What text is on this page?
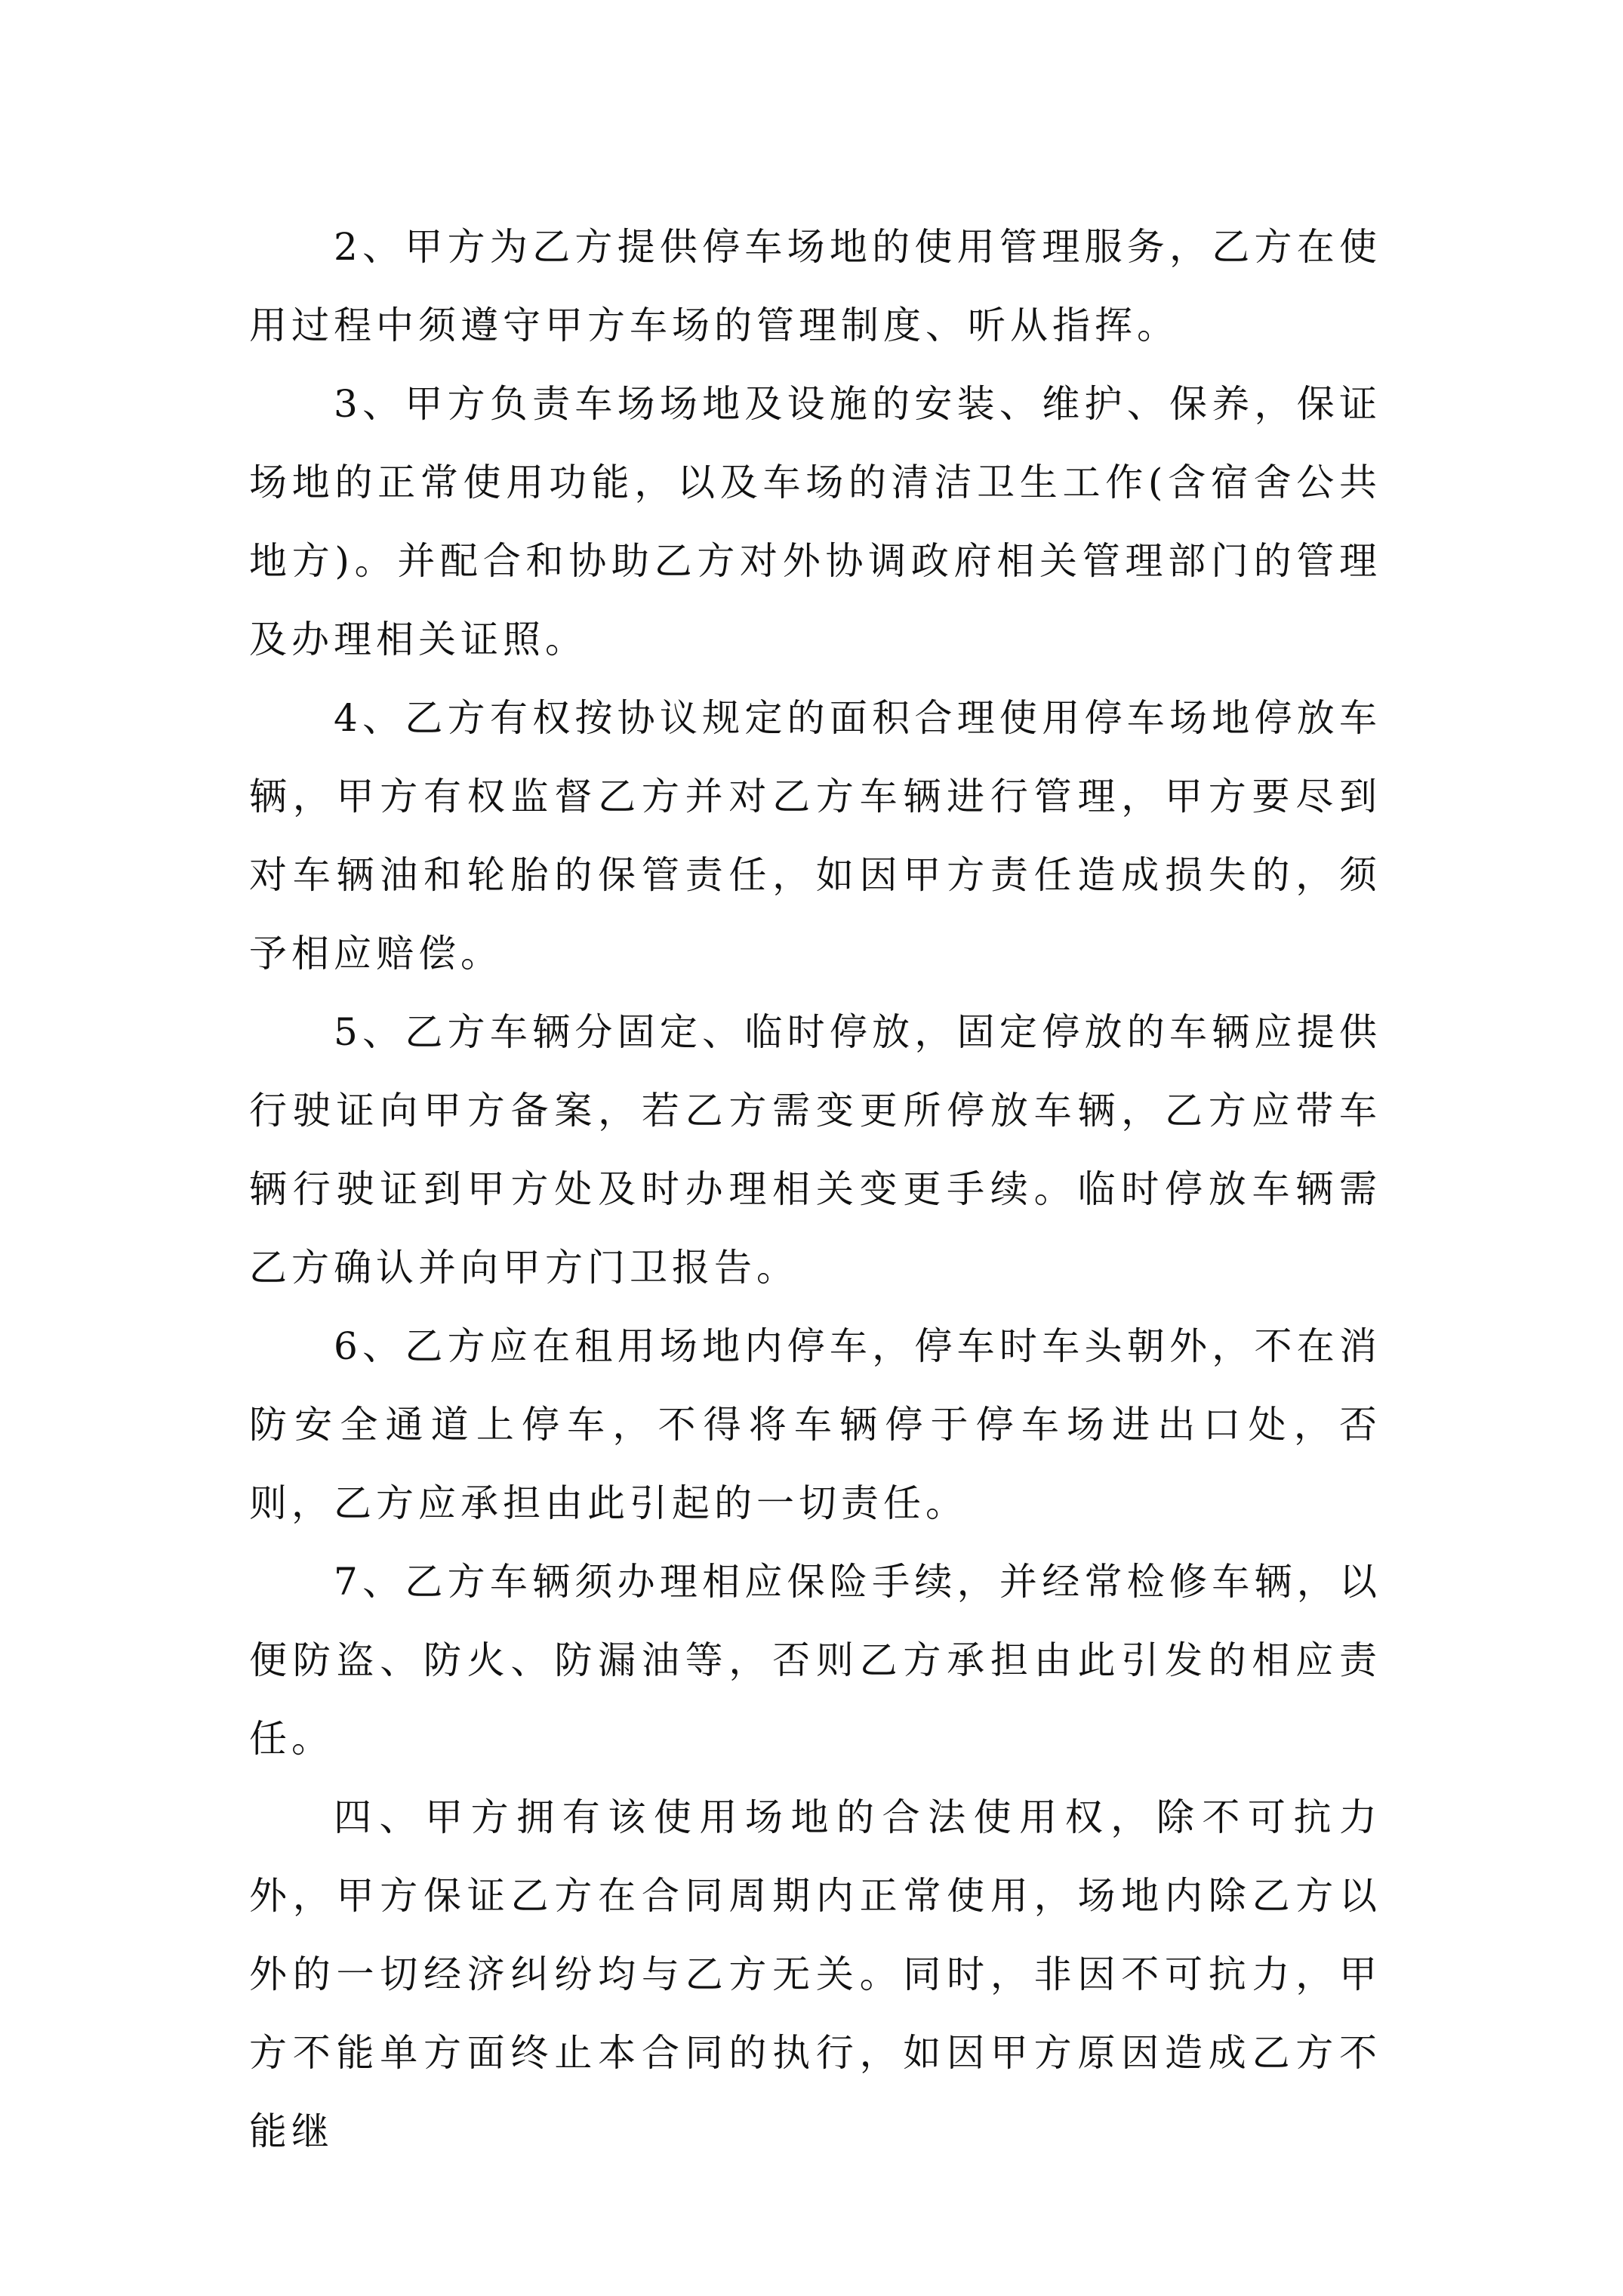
2、甲方为乙方提供停车场地的使用管理服务，乙方在使用过程中须遵守甲方车场的管理制度、听从指挥。

3、甲方负责车场场地及设施的安装、维护、保养，保证场地的正常使用功能，以及车场的清洁卫生工作(含宿舍公共地方)。并配合和协助乙方对外协调政府相关管理部门的管理及办理相关证照。

4、乙方有权按协议规定的面积合理使用停车场地停放车辆，甲方有权监督乙方并对乙方车辆进行管理，甲方要尽到对车辆油和轮胎的保管责任，如因甲方责任造成损失的，须予相应赔偿。

5、乙方车辆分固定、临时停放，固定停放的车辆应提供行驶证向甲方备案，若乙方需变更所停放车辆，乙方应带车辆行驶证到甲方处及时办理相关变更手续。临时停放车辆需乙方确认并向甲方门卫报告。

6、乙方应在租用场地内停车，停车时车头朝外，不在消防安全通道上停车，不得将车辆停于停车场进出口处，否则，乙方应承担由此引起的一切责任。

7、乙方车辆须办理相应保险手续，并经常检修车辆，以便防盗、防火、防漏油等，否则乙方承担由此引发的相应责任。

四、甲方拥有该使用场地的合法使用权，除不可抗力外，甲方保证乙方在合同周期内正常使用，场地内除乙方以外的一切经济纠纷均与乙方无关。同时，非因不可抗力，甲方不能单方面终止本合同的执行，如因甲方原因造成乙方不能继
